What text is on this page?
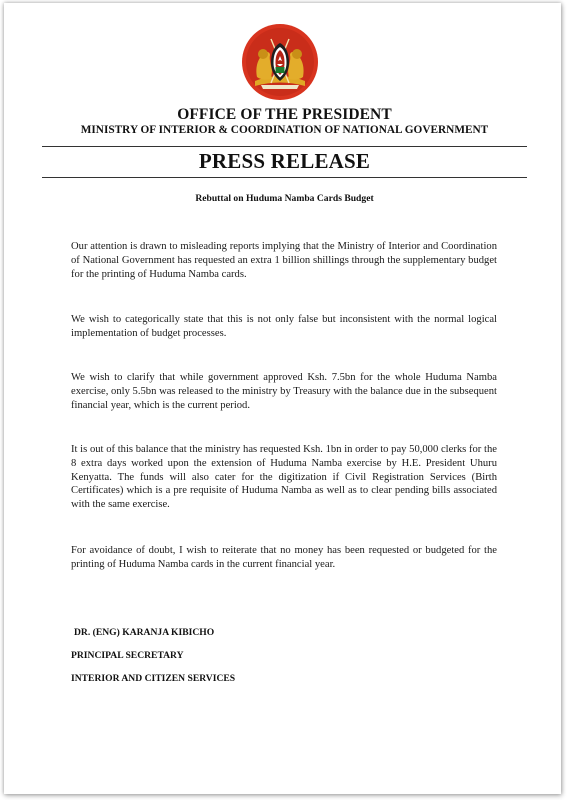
OFFICE OF THE PRESIDENT
MINISTRY OF INTERIOR & COORDINATION OF NATIONAL GOVERNMENT
PRESS RELEASE
Rebuttal on Huduma Namba Cards Budget
Our attention is drawn to misleading reports implying that the Ministry of Interior and Coordination of National Government has requested an extra 1 billion shillings through the supplementary budget for the printing of Huduma Namba cards.
We wish to categorically state that this is not only false but inconsistent with the normal logical implementation of budget processes.
We wish to clarify that while government approved Ksh. 7.5bn for the whole Huduma Namba exercise, only 5.5bn was released to the ministry by Treasury with the balance due in the subsequent financial year, which is the current period.
It is out of this balance that the ministry has requested Ksh. 1bn in order to pay 50,000 clerks for the 8 extra days worked upon the extension of Huduma Namba exercise by H.E. President Uhuru Kenyatta. The funds will also cater for the digitization if Civil Registration Services (Birth Certificates) which is a pre requisite of Huduma Namba as well as to clear pending bills associated with the same exercise.
For avoidance of doubt, I wish to reiterate that no money has been requested or budgeted for the printing of Huduma Namba cards in the current financial year.
DR. (ENG) KARANJA KIBICHO
PRINCIPAL SECRETARY
INTERIOR AND CITIZEN SERVICES
